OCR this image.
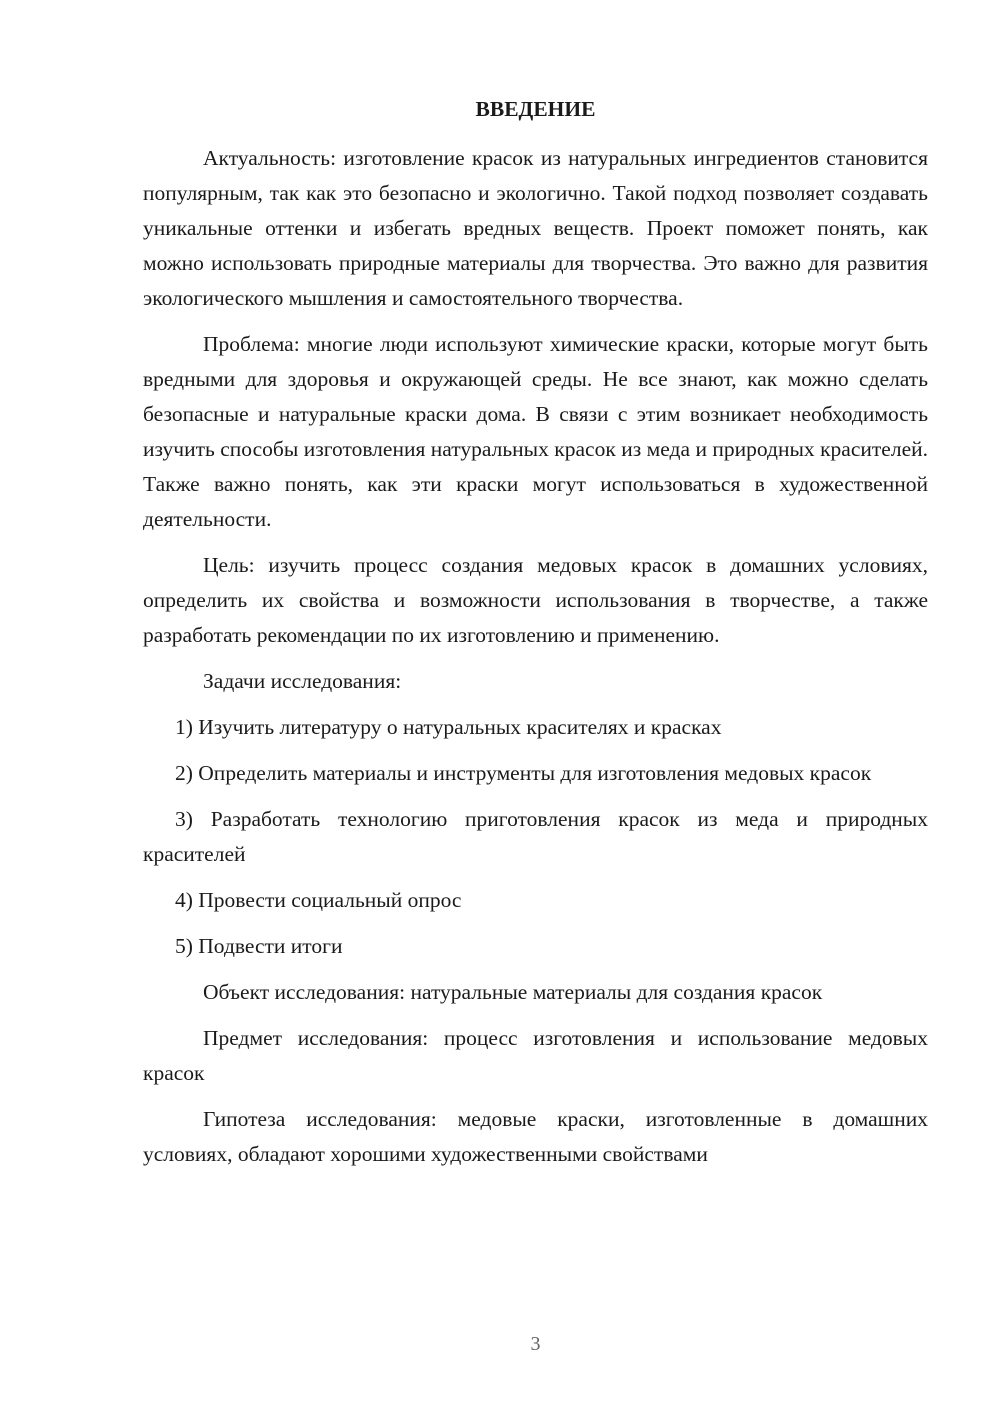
ВВЕДЕНИЕ

Актуальность: изготовление красок из натуральных ингредиентов становится популярным, так как это безопасно и экологично. Такой подход позволяет создавать уникальные оттенки и избегать вредных веществ. Проект поможет понять, как можно использовать природные материалы для творчества. Это важно для развития экологического мышления и самостоятельного творчества.

Проблема: многие люди используют химические краски, которые могут быть вредными для здоровья и окружающей среды. Не все знают, как можно сделать безопасные и натуральные краски дома. В связи с этим возникает необходимость изучить способы изготовления натуральных красок из меда и природных красителей. Также важно понять, как эти краски могут использоваться в художественной деятельности.

Цель: изучить процесс создания медовых красок в домашних условиях, определить их свойства и возможности использования в творчестве, а также разработать рекомендации по их изготовлению и применению.

Задачи исследования:

1) Изучить литературу о натуральных красителях и красках

2) Определить материалы и инструменты для изготовления медовых красок

3) Разработать технологию приготовления красок из меда и природных красителей

4) Провести социальный опрос

5) Подвести итоги

Объект исследования: натуральные материалы для создания красок

Предмет исследования: процесс изготовления и использование медовых красок

Гипотеза исследования: медовые краски, изготовленные в домашних условиях, обладают хорошими художественными свойствами

3
